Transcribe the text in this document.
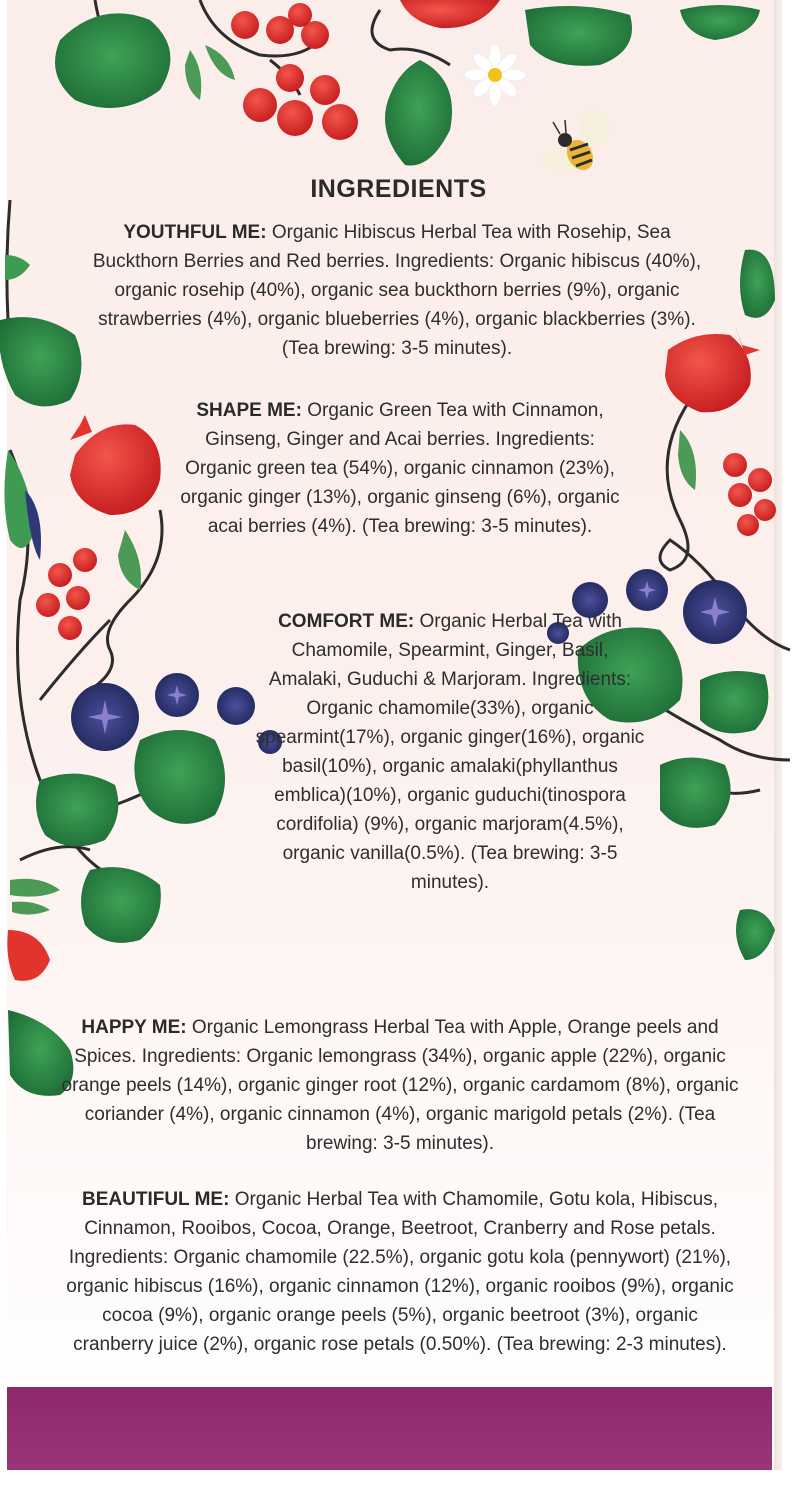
INGREDIENTS
YOUTHFUL ME: Organic Hibiscus Herbal Tea with Rosehip, Sea Buckthorn Berries and Red berries. Ingredients: Organic hibiscus (40%), organic rosehip (40%), organic sea buckthorn berries (9%), organic strawberries (4%), organic blueberries (4%), organic blackberries (3%). (Tea brewing: 3-5 minutes).
SHAPE ME: Organic Green Tea with Cinnamon, Ginseng, Ginger and Acai berries. Ingredients: Organic green tea (54%), organic cinnamon (23%), organic ginger (13%), organic ginseng (6%), organic acai berries (4%). (Tea brewing: 3-5 minutes).
COMFORT ME: Organic Herbal Tea with Chamomile, Spearmint, Ginger, Basil, Amalaki, Guduchi & Marjoram. Ingredients: Organic chamomile(33%), organic spearmint(17%), organic ginger(16%), organic basil(10%), organic amalaki(phyllanthus emblica)(10%), organic guduchi(tinospora cordifolia) (9%), organic marjoram(4.5%), organic vanilla(0.5%). (Tea brewing: 3-5 minutes).
HAPPY ME: Organic Lemongrass Herbal Tea with Apple, Orange peels and Spices. Ingredients: Organic lemongrass (34%), organic apple (22%), organic orange peels (14%), organic ginger root (12%), organic cardamom (8%), organic coriander (4%), organic cinnamon (4%), organic marigold petals (2%). (Tea brewing: 3-5 minutes).
BEAUTIFUL ME: Organic Herbal Tea with Chamomile, Gotu kola, Hibiscus, Cinnamon, Rooibos, Cocoa, Orange, Beetroot, Cranberry and Rose petals. Ingredients: Organic chamomile (22.5%), organic gotu kola (pennywort) (21%), organic hibiscus (16%), organic cinnamon (12%), organic rooibos (9%), organic cocoa (9%), organic orange peels (5%), organic beetroot (3%), organic cranberry juice (2%), organic rose petals (0.50%). (Tea brewing: 2-3 minutes).
